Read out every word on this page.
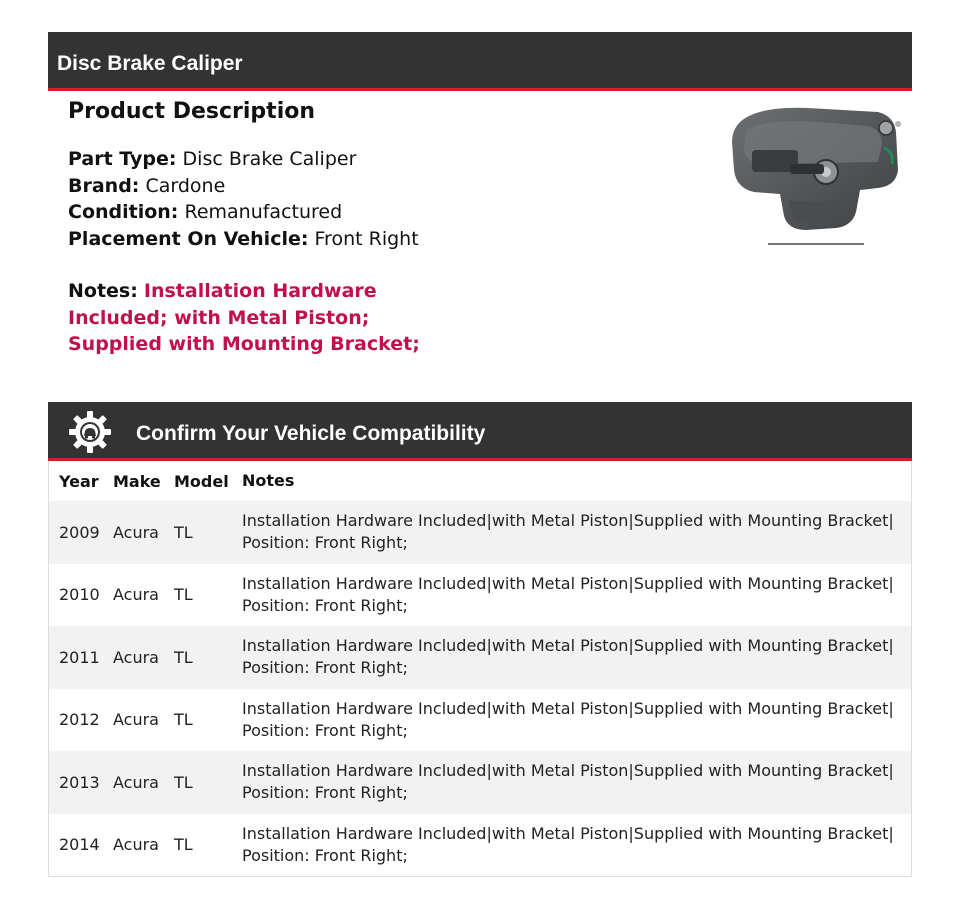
Disc Brake Caliper
Product Description
Part Type: Disc Brake Caliper
Brand: Cardone
Condition: Remanufactured
Placement On Vehicle: Front Right
Notes: Installation Hardware Included; with Metal Piston; Supplied with Mounting Bracket;
Confirm Your Vehicle Compatibility
Year Make Model Notes
2009 Acura TL
Installation Hardware Included|with Metal Piston|Supplied with Mounting Bracket| Position: Front Right;
2010 Acura TL
Installation Hardware Included|with Metal Piston|Supplied with Mounting Bracket| Position: Front Right;
2011 Acura TL
Installation Hardware Included|with Metal Piston|Supplied with Mounting Bracket| Position: Front Right;
2012 Acura TL
Installation Hardware Included|with Metal Piston|Supplied with Mounting Bracket| Position: Front Right;
2013 Acura TL
Installation Hardware Included|with Metal Piston|Supplied with Mounting Bracket| Position: Front Right;
2014 Acura TL
Installation Hardware Included|with Metal Piston|Supplied with Mounting Bracket| Position: Front Right;
